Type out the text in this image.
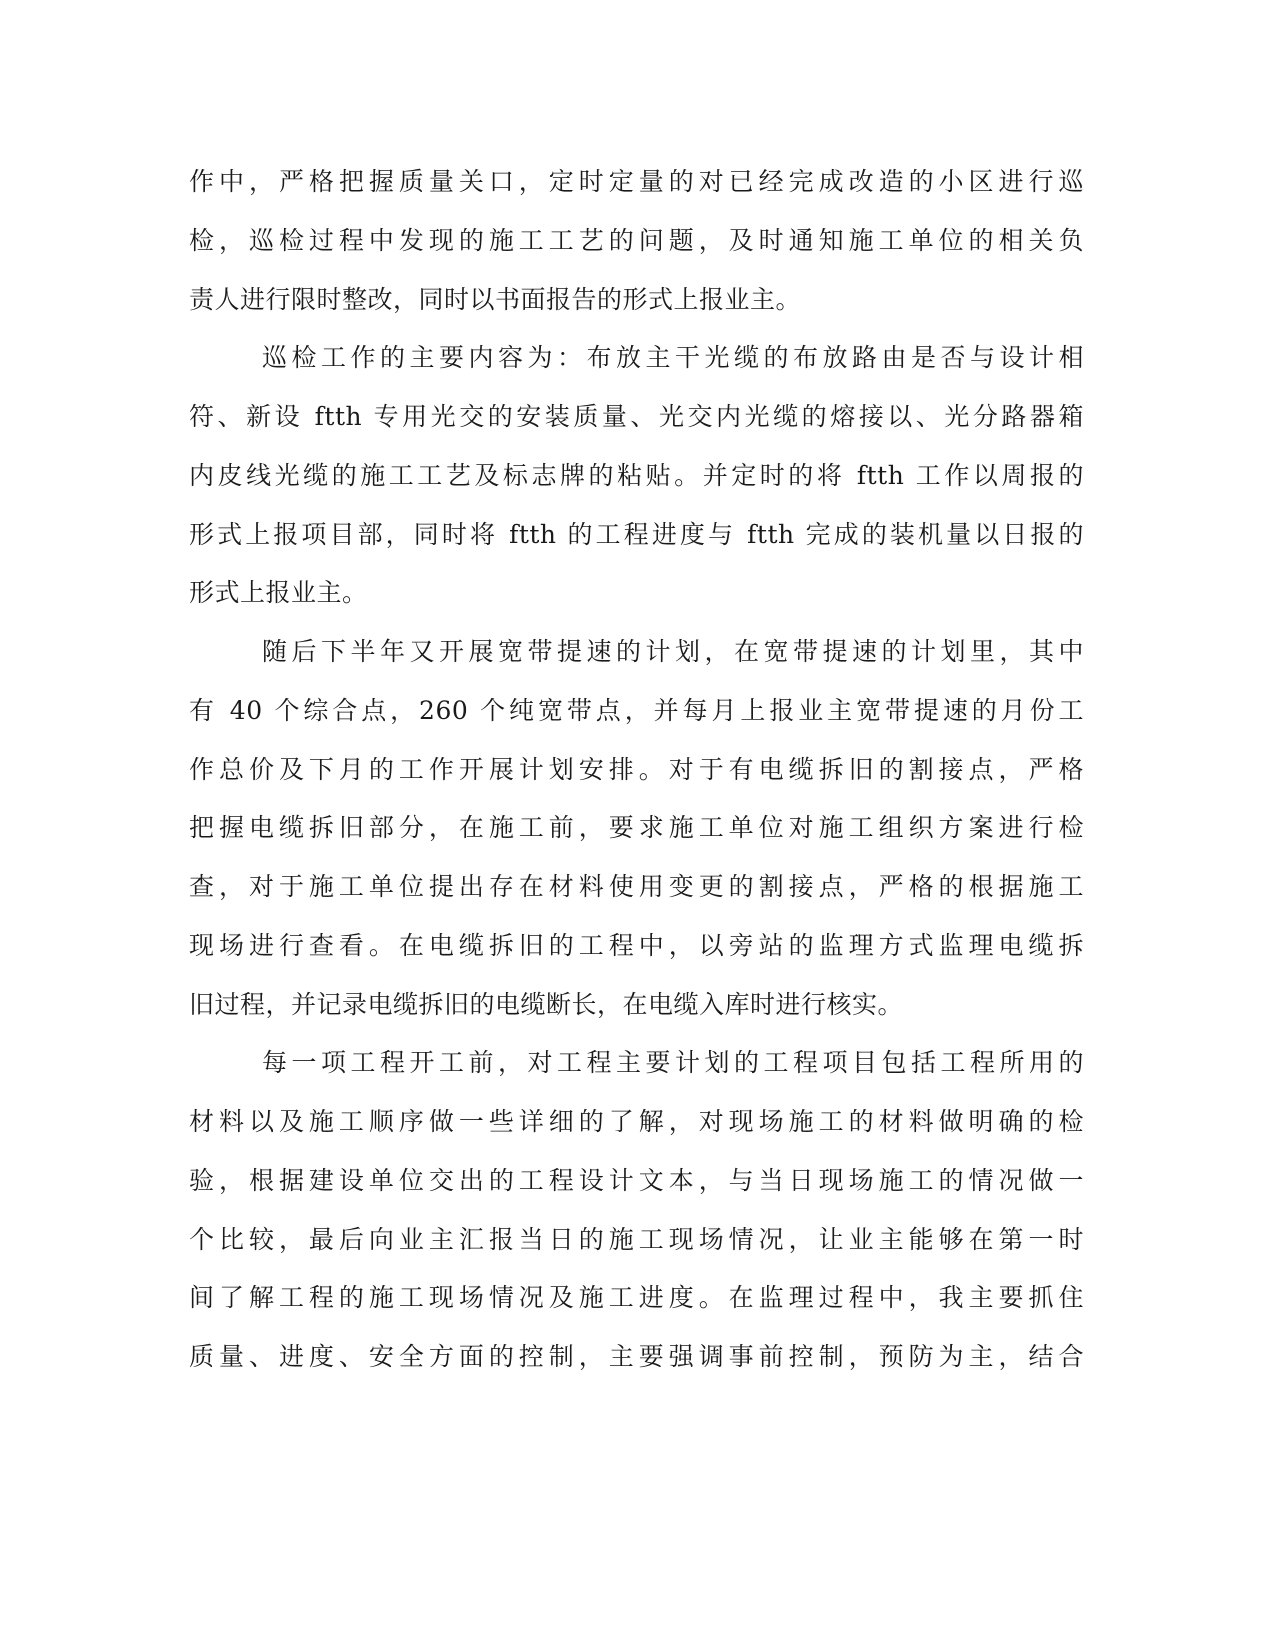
作中，严格把握质量关口，定时定量的对已经完成改造的小区进行巡
检，巡检过程中发现的施工工艺的问题，及时通知施工单位的相关负
责人进行限时整改，同时以书面报告的形式上报业主。
巡检工作的主要内容为：布放主干光缆的布放路由是否与设计相
符、新设 ftth 专用光交的安装质量、光交内光缆的熔接以、光分路器箱
内皮线光缆的施工工艺及标志牌的粘贴。并定时的将 ftth 工作以周报的
形式上报项目部，同时将 ftth 的工程进度与 ftth 完成的装机量以日报的
形式上报业主。
随后下半年又开展宽带提速的计划，在宽带提速的计划里，其中
有 40 个综合点，260 个纯宽带点，并每月上报业主宽带提速的月份工
作总价及下月的工作开展计划安排。对于有电缆拆旧的割接点，严格
把握电缆拆旧部分，在施工前，要求施工单位对施工组织方案进行检
查，对于施工单位提出存在材料使用变更的割接点，严格的根据施工
现场进行查看。在电缆拆旧的工程中，以旁站的监理方式监理电缆拆
旧过程，并记录电缆拆旧的电缆断长，在电缆入库时进行核实。
每一项工程开工前，对工程主要计划的工程项目包括工程所用的
材料以及施工顺序做一些详细的了解，对现场施工的材料做明确的检
验，根据建设单位交出的工程设计文本，与当日现场施工的情况做一
个比较，最后向业主汇报当日的施工现场情况，让业主能够在第一时
间了解工程的施工现场情况及施工进度。在监理过程中，我主要抓住
质量、进度、安全方面的控制，主要强调事前控制，预防为主，结合
